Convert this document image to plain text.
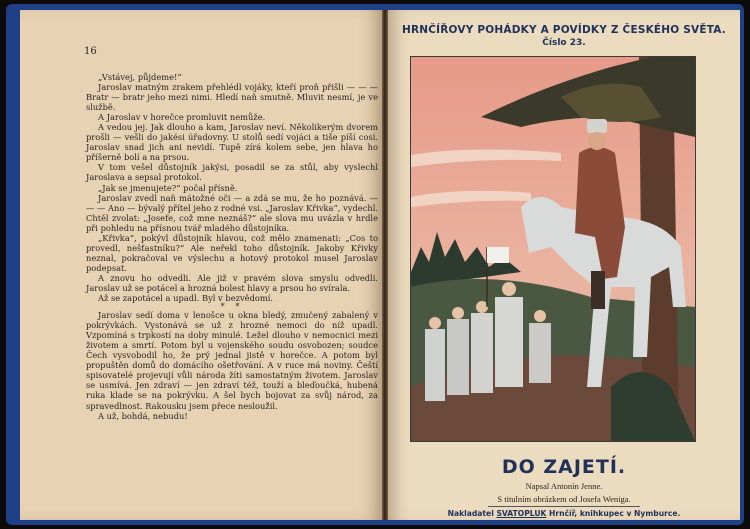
16

„Vstávej, půjdeme!“

Jaroslav matným zrakem přehlédl vojáky, kteří proň přišli — — — Bratr — bratr jeho mezi nimi. Hledí naň smutně. Mluvit nesmí, je ve službě.

A Jaroslav v horečce promluvit nemůže.

A vedou jej. Jak dlouho a kam, Jaroslav neví. Několikerým dvorem prošli — vešli do jakési úřadovny. U stolů sedí vojáci a tiše píší cosi. Jaroslav snad jich ani nevidí. Tupě zírá kolem sebe, jen hlava ho příšerně bolí a na prsou.

V tom vešel důstojník jakýsi, posadil se za stůl, aby vyslechl Jaroslava a sepsal protokol.

„Jak se jmenujete?“ počal přísně.

Jaroslav zvedl naň mátožné oči — a zdá se mu, že ho poznává. — — — Ano — bývalý přítel jeho z rodné vsi. „Jaroslav Křivka“, vydechl. Chtěl zvolat: „Josefe, což mne neznáš?“ ale slova mu uvázla v hrdle při pohledu na přísnou tvář mladého důstojníka.

„Křivka“, pokývl důstojník hlavou, což mělo znamenati: „Cos to provedl, nešťastníku?“ Ale neřekl toho důstojník. Jakoby Křivky neznal, pokračoval ve výslechu a hotový protokol musel Jaroslav podepsat.

A znovu ho odvedli. Ale již v pravém slova smyslu odvedli. Jaroslav už se potácel a hrozná bolest hlavy a prsou ho svírala.

Až se zapotácel a upadl. Byl v bezvědomí.

* *

Jaroslav sedí doma v lenošce u okna bledý, zmučený zabalený v pokrývkách. Vystonává se už z hrozné nemoci do níž upadl. Vzpomíná s trpkostí na doby minulé. Ležel dlouho v nemocnici mezi životem a smrtí. Potom byl u vojenského soudu osvobozen; soudce Čech vysvobodil ho, že prý jednal jistě v horečce. A potom byl propuštěn domů do domácího ošetřování. A v ruce má noviny. Čeští spisovatelé projevují vůli národa žíti samostatným životem. Jaroslav se usmívá. Jen zdraví — jen zdraví též, touží a bleďoučká, hubená ruka klade se na pokrývku. A šel bych bojovat za svůj národ, za spravedlnost. Rakousku jsem přece neslouž̌il.

A už, bohdá, nebudu!

HRNČÍŘOVY POHÁDKY A POVÍDKY Z ČESKÉHO SVĚTA.
Číslo 23.
DO ZAJETÍ.
Napsal Antonín Jenne.
S titulním obrázkem od Josefa Weniga.
Nakladatel SVATOPLUK Hrnčíř, knihkupec v Nymburce.
